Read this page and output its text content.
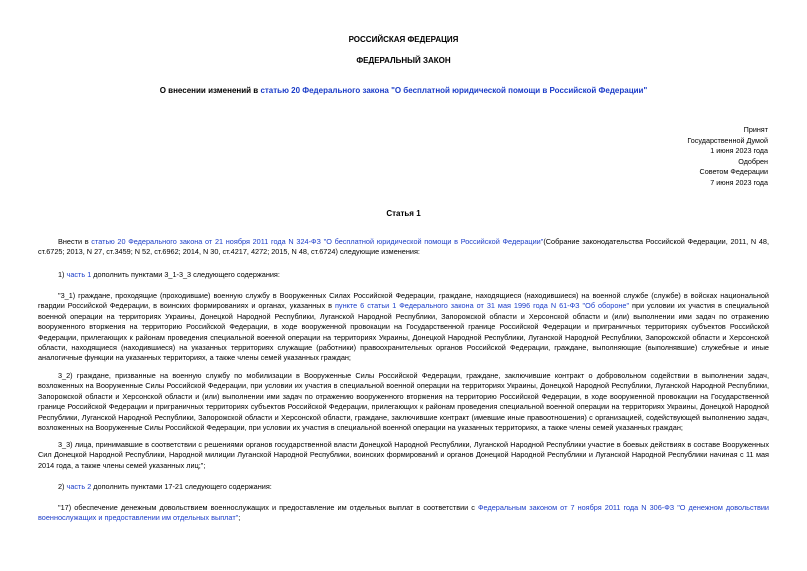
РОССИЙСКАЯ ФЕДЕРАЦИЯ
ФЕДЕРАЛЬНЫЙ ЗАКОН
О внесении изменений в статью 20 Федерального закона "О бесплатной юридической помощи в Российской Федерации"
Принят
Государственной Думой
1 июня 2023 года
Одобрен
Советом Федерации
7 июня 2023 года
Статья 1
Внести в статью 20 Федерального закона от 21 ноября 2011 года N 324-ФЗ "О бесплатной юридической помощи в Российской Федерации"(Собрание законодательства Российской Федерации, 2011, N 48, ст.6725; 2013, N 27, ст.3459; N 52, ст.6962; 2014, N 30, ст.4217, 4272; 2015, N 48, ст.6724) следующие изменения:
1) часть 1 дополнить пунктами 3_1-3_3 следующего содержания:
"3_1) граждане, проходящие (проходившие) военную службу в Вооруженных Силах Российской Федерации, граждане, находящиеся (находившиеся) на военной службе (службе) в войсках национальной гвардии Российской Федерации, в воинских формированиях и органах, указанных в пункте 6 статьи 1 Федерального закона от 31 мая 1996 года N 61-ФЗ "Об обороне" при условии их участия в специальной военной операции на территориях Украины, Донецкой Народной Республики, Луганской Народной Республики, Запорожской области и Херсонской области и (или) выполнении ими задач по отражению вооруженного вторжения на территорию Российской Федерации, в ходе вооруженной провокации на Государственной границе Российской Федерации и приграничных территориях субъектов Российской Федерации, прилегающих к районам проведения специальной военной операции на территориях Украины, Донецкой Народной Республики, Луганской Народной Республики, Запорожской области и Херсонской области, находящиеся (находившиеся) на указанных территориях служащие (работники) правоохранительных органов Российской Федерации, граждане, выполняющие (выполнявшие) служебные и иные аналогичные функции на указанных территориях, а также члены семей указанных граждан;
3_2) граждане, призванные на военную службу по мобилизации в Вооруженные Силы Российской Федерации, граждане, заключившие контракт о добровольном содействии в выполнении задач, возложенных на Вооруженные Силы Российской Федерации, при условии их участия в специальной военной операции на территориях Украины, Донецкой Народной Республики, Луганской Народной Республики, Запорожской области и Херсонской области и (или) выполнении ими задач по отражению вооруженного вторжения на территорию Российской Федерации, в ходе вооруженной провокации на Государственной границе Российской Федерации и приграничных территориях субъектов Российской Федерации, прилегающих к районам проведения специальной военной операции на территориях Украины, Донецкой Народной Республики, Луганской Народной Республики, Запорожской области и Херсонской области, граждане, заключившие контракт (имевшие иные правоотношения) с организацией, содействующей выполнению задач, возложенных на Вооруженные Силы Российской Федерации, при условии их участия в специальной военной операции на указанных территориях, а также члены семей указанных граждан;
3_3) лица, принимавшие в соответствии с решениями органов государственной власти Донецкой Народной Республики, Луганской Народной Республики участие в боевых действиях в составе Вооруженных Сил Донецкой Народной Республики, Народной милиции Луганской Народной Республики, воинских формирований и органов Донецкой Народной Республики и Луганской Народной Республики начиная с 11 мая 2014 года, а также члены семей указанных лиц;";
2) часть 2 дополнить пунктами 17-21 следующего содержания:
"17) обеспечение денежным довольствием военнослужащих и предоставление им отдельных выплат в соответствии с Федеральным законом от 7 ноября 2011 года N 306-ФЗ "О денежном довольствии военнослужащих и предоставлении им отдельных выплат";
